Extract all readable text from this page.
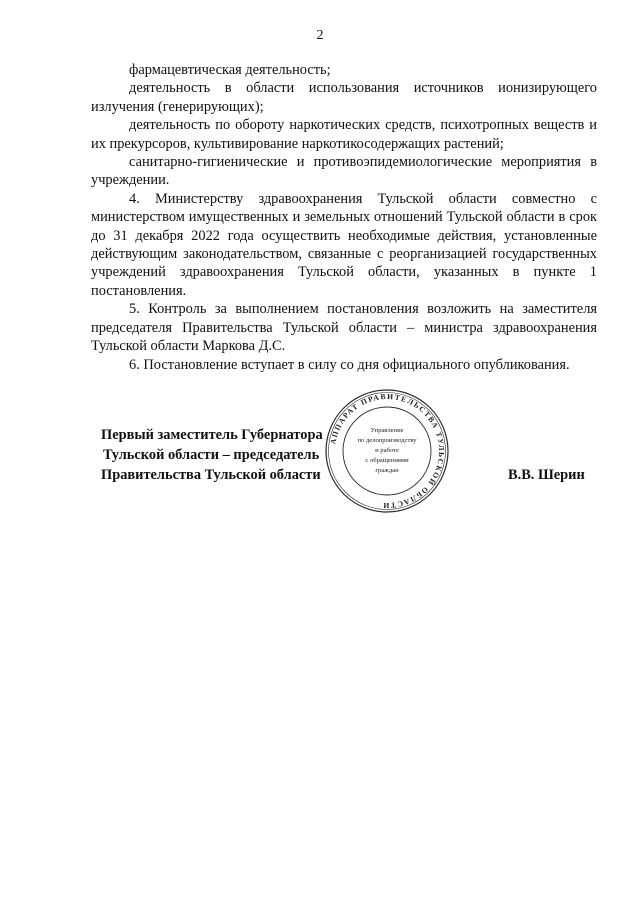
2

фармацевтическая деятельность;

деятельность в области использования источников ионизирующего излучения (генерирующих);

деятельность по обороту наркотических средств, психотропных веществ и их прекурсоров, культивирование наркотикосодержащих растений;

санитарно-гигиенические и противоэпидемиологические мероприятия в учреждении.

4. Министерству здравоохранения Тульской области совместно с министерством имущественных и земельных отношений Тульской области в срок до 31 декабря 2022 года осуществить необходимые действия, установленные действующим законодательством, связанные с реорганизацией государственных учреждений здравоохранения Тульской области, указанных в пункте 1 постановления.

5. Контроль за выполнением постановления возложить на заместителя председателя Правительства Тульской области – министра здравоохранения Тульской области Маркова Д.С.

6. Постановление вступает в силу со дня официального опубликования.

Первый заместитель Губернатора
Тульской области – председатель
Правительства Тульской области	В.В. Шерин
АППАРАТ ПРАВИТЕЛЬСТВА ТУЛЬСКОЙ ОБЛАСТИ
Управление
по делопроизводству
и работе
с обращениями
граждан
